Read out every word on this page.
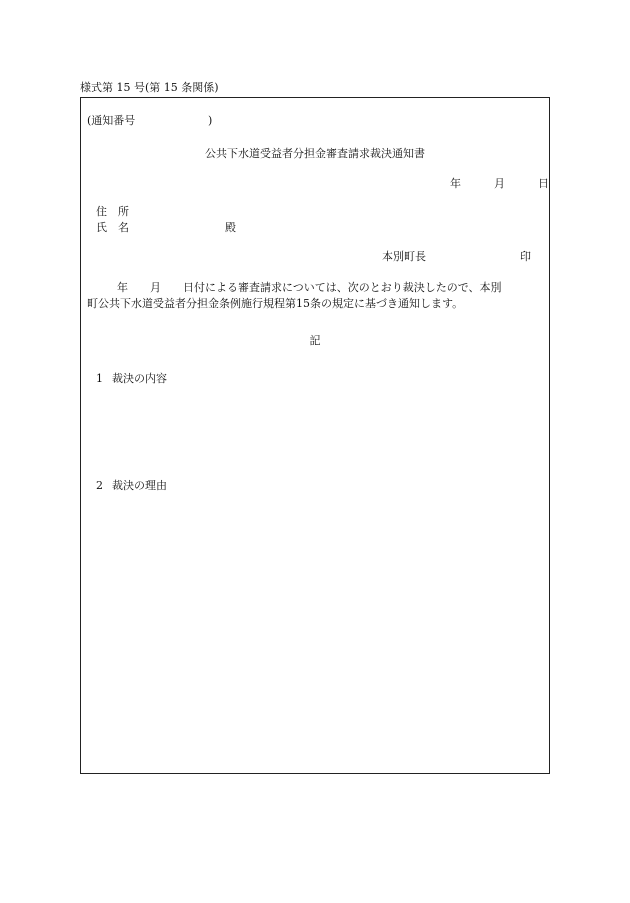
様式第 15 号(第 15 条関係)
(通知番号	)
公共下水道受益者分担金審査請求裁決通知書
年	月	日
住　所
氏　名	殿
本別町長	印
年　　月　　日付による審査請求については、次のとおり裁決したので、本別
町公共下水道受益者分担金条例施行規程第15条の規定に基づき通知します。
記
1 裁決の内容
2 裁決の理由
